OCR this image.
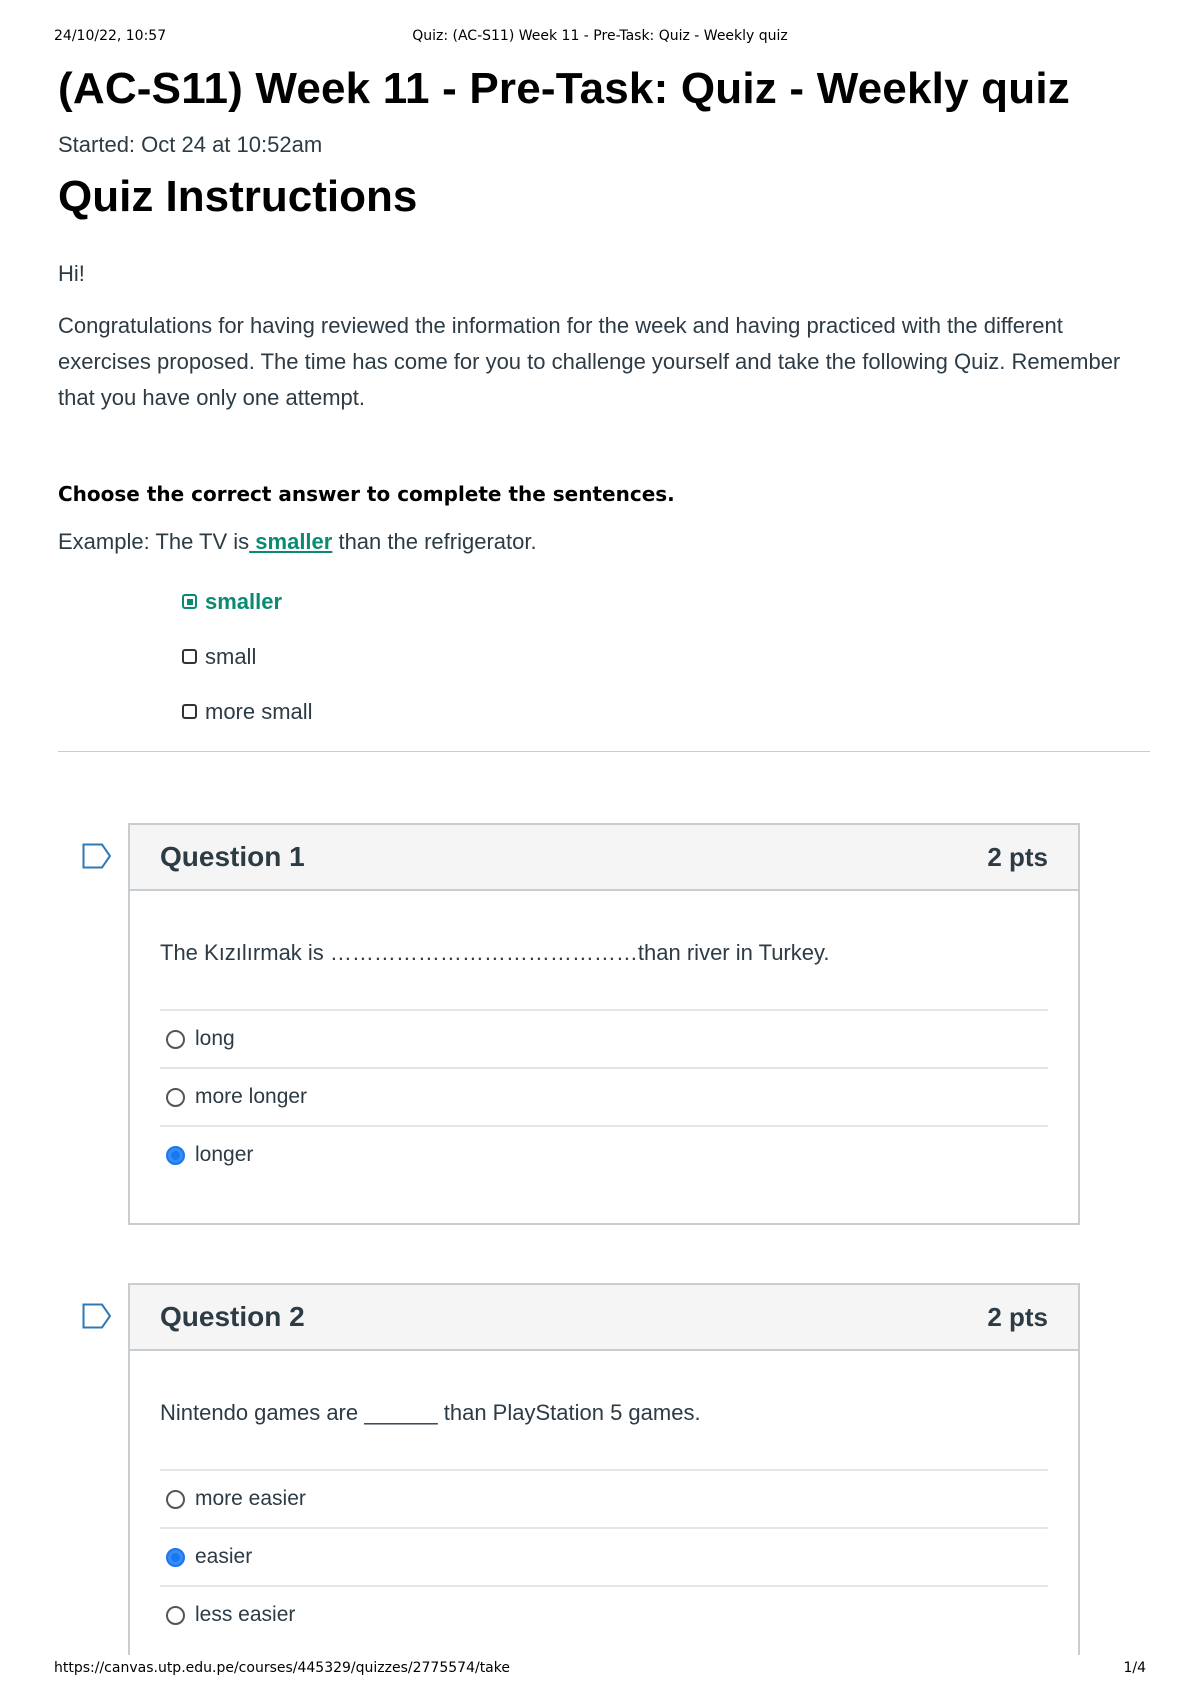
24/10/22, 10:57	Quiz: (AC-S11) Week 11 - Pre-Task: Quiz - Weekly quiz
(AC-S11) Week 11 - Pre-Task: Quiz - Weekly quiz
Started: Oct 24 at 10:52am
Quiz Instructions

Hi!

Congratulations for having reviewed the information for the week and having practiced with the different exercises proposed. The time has come for you to challenge yourself and take the following Quiz. Remember that you have only one attempt.

Choose the correct answer to complete the sentences.

Example: The TV is smaller than the refrigerator.

smaller
small
more small
Question 1	2 pts
The Kızılırmak is ……………………………………than river in Turkey.
long
more longer
longer
Question 2	2 pts
Nintendo games are ______ than PlayStation 5 games.
more easier
easier
less easier
https://canvas.utp.edu.pe/courses/445329/quizzes/2775574/take	1/4
